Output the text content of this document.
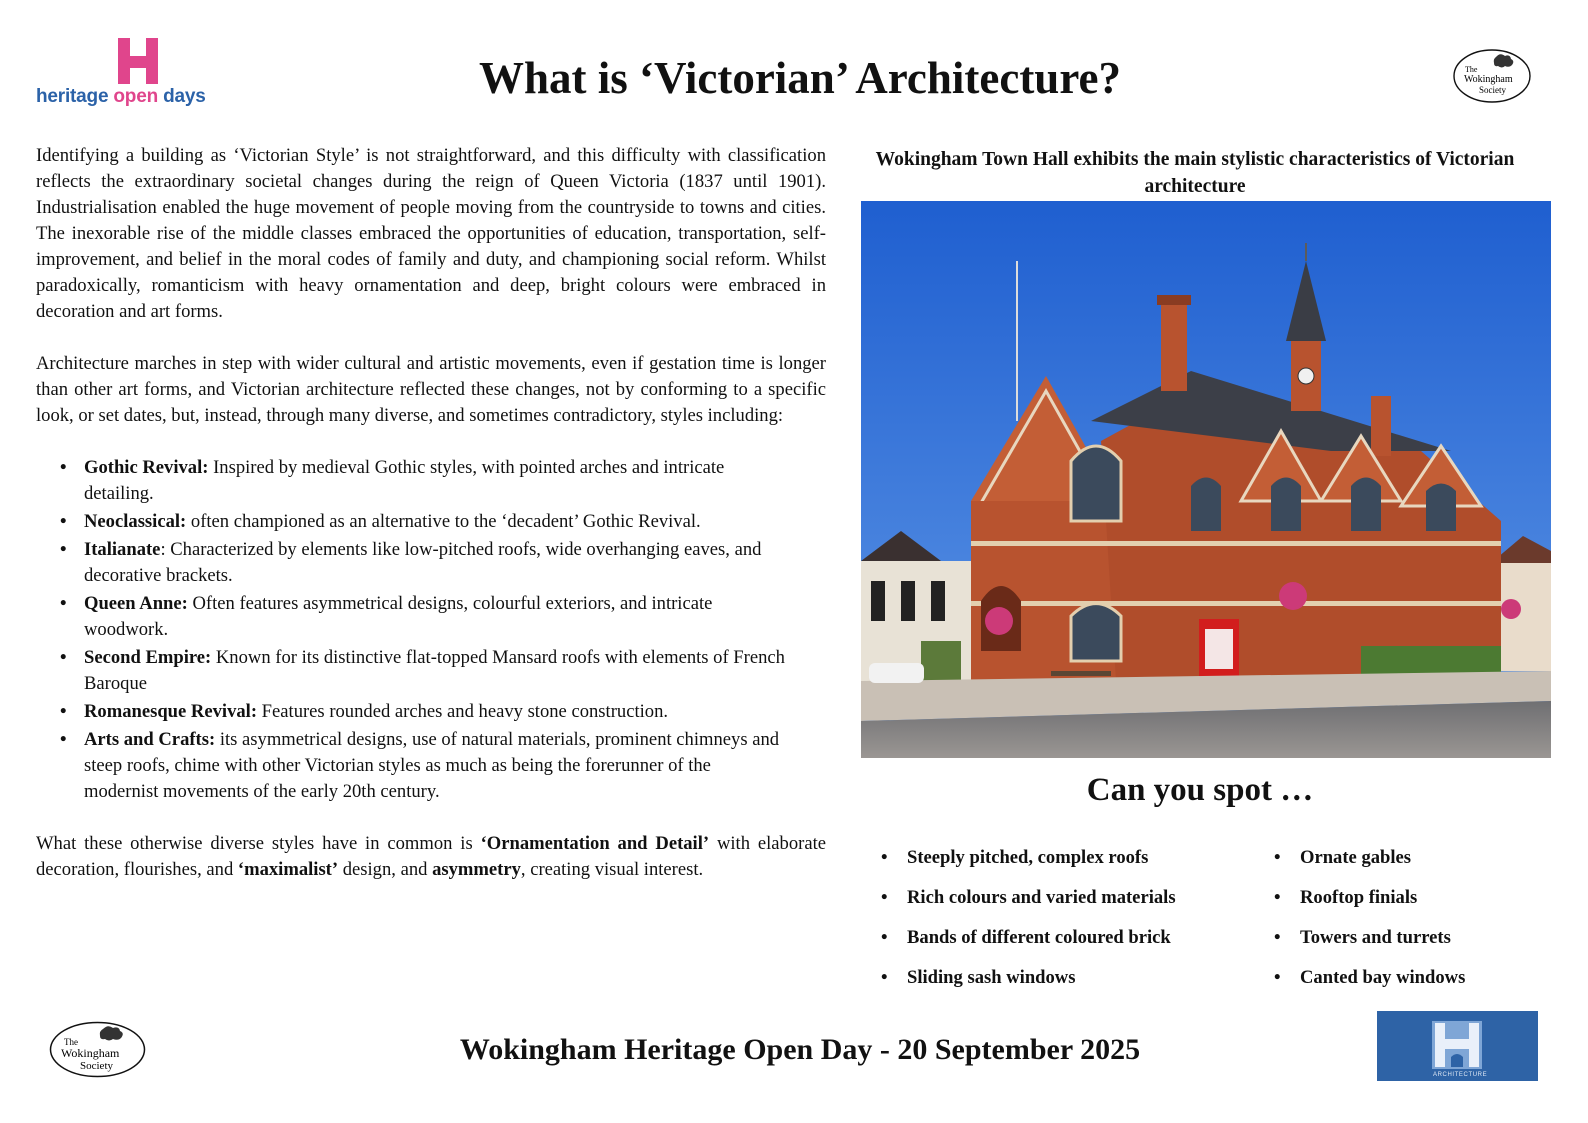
heritage open days	What is ‘Victorian’ Architecture?	The
Wokingham
Society

Identifying a building as ‘Victorian Style’ is not straightforward, and this difficulty with classification reflects the extraordinary societal changes during the reign of Queen Victoria (1837 until 1901). Industrialisation enabled the huge movement of people moving from the countryside to towns and cities. The inexorable rise of the middle classes embraced the opportunities of education, transportation, self-improvement, and belief in the moral codes of family and duty, and championing social reform. Whilst paradoxically, romanticism with heavy ornamentation and deep, bright colours were embraced in decoration and art forms.

Architecture marches in step with wider cultural and artistic movements, even if gestation time is longer than other art forms, and Victorian architecture reflected these changes, not by conforming to a specific look, or set dates, but, instead, through many diverse, and sometimes contradictory, styles including:

• Gothic Revival: Inspired by medieval Gothic styles, with pointed arches and intricate detailing.
• Neoclassical: often championed as an alternative to the ‘decadent’ Gothic Revival.
• Italianate: Characterized by elements like low-pitched roofs, wide overhanging eaves, and decorative brackets.
• Queen Anne: Often features asymmetrical designs, colourful exteriors, and intricate woodwork.
• Second Empire: Known for its distinctive flat-topped Mansard roofs with elements of French Baroque
• Romanesque Revival: Features rounded arches and heavy stone construction.
• Arts and Crafts: its asymmetrical designs, use of natural materials, prominent chimneys and steep roofs, chime with other Victorian styles as much as being the forerunner of the modernist movements of the early 20th century.

What these otherwise diverse styles have in common is ‘Ornamentation and Detail’ with elaborate decoration, flourishes, and ‘maximalist’ design, and asymmetry, creating visual interest.

Wokingham Town Hall exhibits the main stylistic characteristics of Victorian architecture
Can you spot …
• Steeply pitched, complex roofs
• Rich colours and varied materials
• Bands of different coloured brick
• Sliding sash windows
• Ornate gables
• Rooftop finials
• Towers and turrets
• Canted bay windows
The
Wokingham
Society	Wokingham Heritage Open Day - 20 September 2025
ARCHITECTURE
